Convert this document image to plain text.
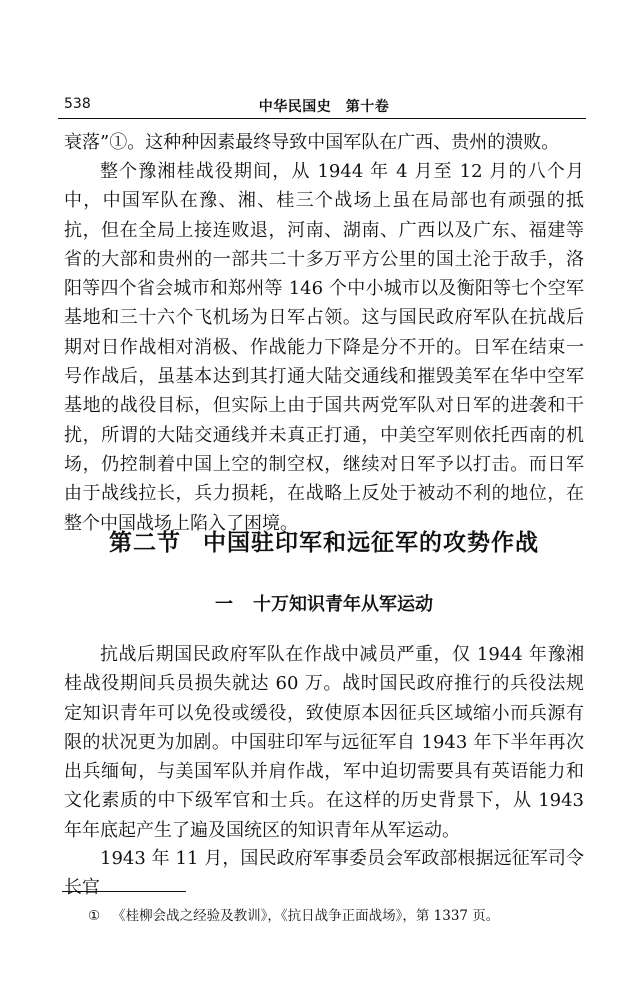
538	中华民国史　第十卷

衰落”①。这种种因素最终导致中国军队在广西、贵州的溃败。

整个豫湘桂战役期间，从 1944 年 4 月至 12 月的八个月中，中国军队在豫、湘、桂三个战场上虽在局部也有顽强的抵抗，但在全局上接连败退，河南、湖南、广西以及广东、福建等省的大部和贵州的一部共二十多万平方公里的国土沦于敌手，洛阳等四个省会城市和郑州等 146 个中小城市以及衡阳等七个空军基地和三十六个飞机场为日军占领。这与国民政府军队在抗战后期对日作战相对消极、作战能力下降是分不开的。日军在结束一号作战后，虽基本达到其打通大陆交通线和摧毁美军在华中空军基地的战役目标，但实际上由于国共两党军队对日军的进袭和干扰，所谓的大陆交通线并未真正打通，中美空军则依托西南的机场，仍控制着中国上空的制空权，继续对日军予以打击。而日军由于战线拉长，兵力损耗，在战略上反处于被动不利的地位，在整个中国战场上陷入了困境。

第二节 中国驻印军和远征军的攻势作战
一 十万知识青年从军运动

抗战后期国民政府军队在作战中减员严重，仅 1944 年豫湘桂战役期间兵员损失就达 60 万。战时国民政府推行的兵役法规定知识青年可以免役或缓役，致使原本因征兵区域缩小而兵源有限的状况更为加剧。中国驻印军与远征军自 1943 年下半年再次出兵缅甸，与美国军队并肩作战，军中迫切需要具有英语能力和文化素质的中下级军官和士兵。在这样的历史背景下，从 1943 年年底起产生了遍及国统区的知识青年从军运动。

1943 年 11 月，国民政府军事委员会军政部根据远征军司令长官

① 《桂柳会战之经验及教训》，《抗日战争正面战场》，第 1337 页。
